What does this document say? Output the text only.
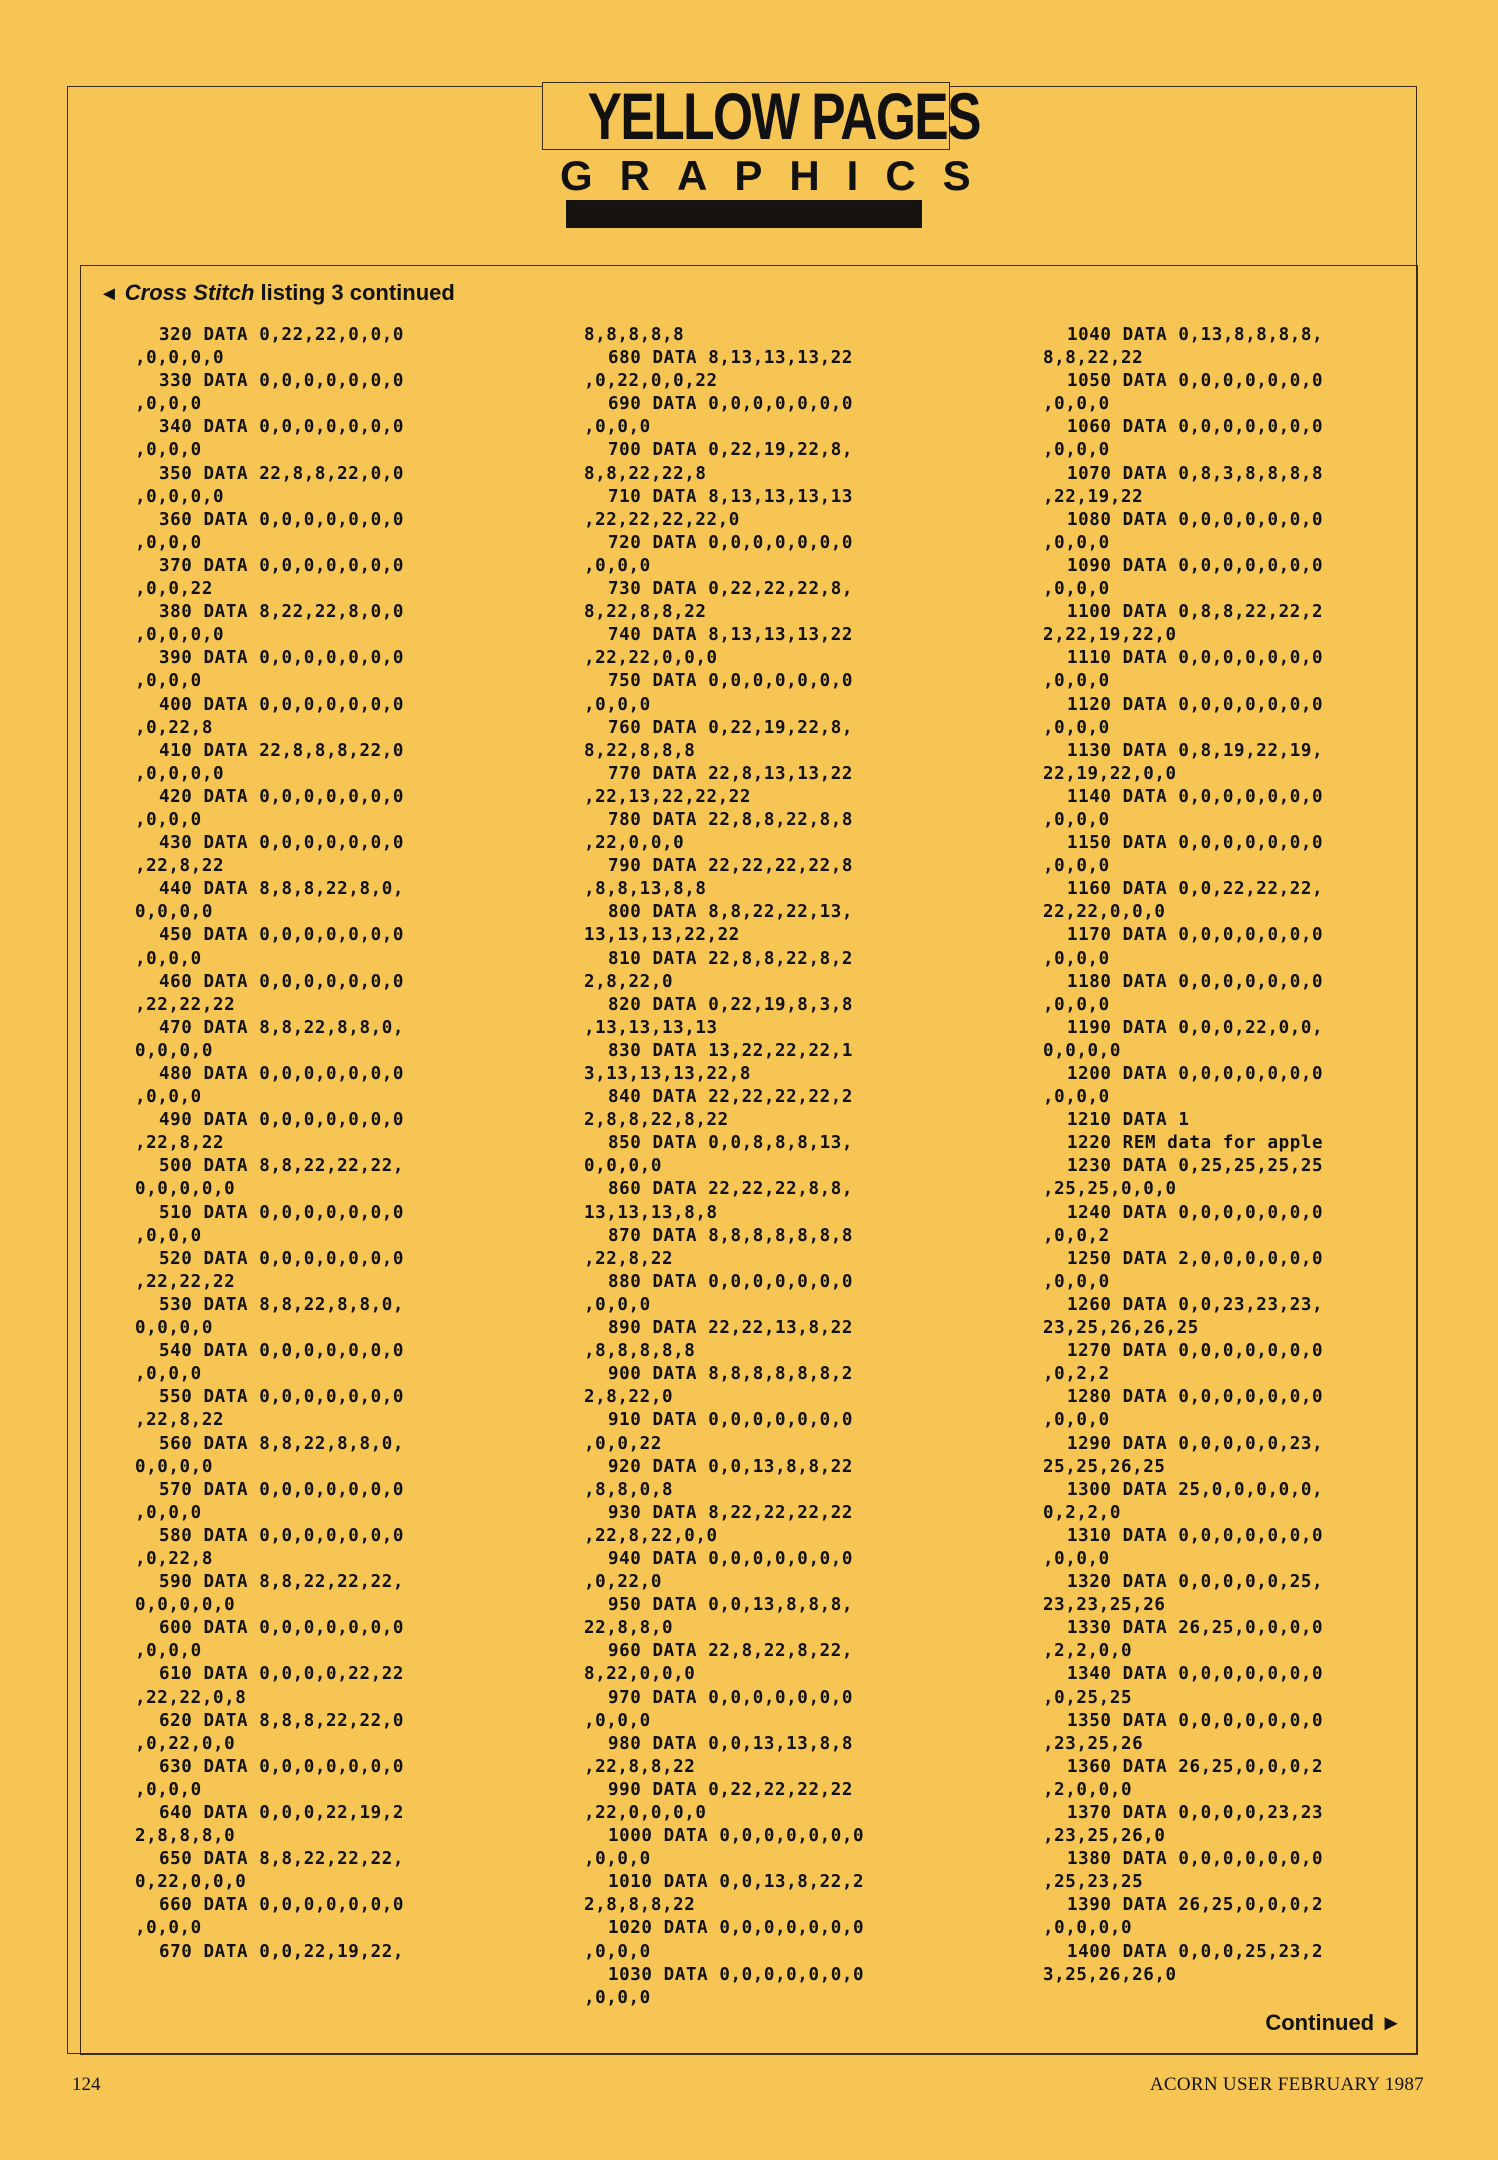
YELLOW PAGES
GRAPHICS
◄ Cross Stitch listing 3 continued
320 DATA 0,22,22,0,0,0
,0,0,0,0
330 DATA 0,0,0,0,0,0,0
,0,0,0
340 DATA 0,0,0,0,0,0,0
,0,0,0
350 DATA 22,8,8,22,0,0
,0,0,0,0
360 DATA 0,0,0,0,0,0,0
,0,0,0
370 DATA 0,0,0,0,0,0,0
,0,0,22
380 DATA 8,22,22,8,0,0
,0,0,0,0
390 DATA 0,0,0,0,0,0,0
,0,0,0
400 DATA 0,0,0,0,0,0,0
,0,22,8
410 DATA 22,8,8,8,22,0
,0,0,0,0
420 DATA 0,0,0,0,0,0,0
,0,0,0
430 DATA 0,0,0,0,0,0,0
,22,8,22
440 DATA 8,8,8,22,8,0,
0,0,0,0
450 DATA 0,0,0,0,0,0,0
,0,0,0
460 DATA 0,0,0,0,0,0,0
,22,22,22
470 DATA 8,8,22,8,8,0,
0,0,0,0
480 DATA 0,0,0,0,0,0,0
,0,0,0
490 DATA 0,0,0,0,0,0,0
,22,8,22
500 DATA 8,8,22,22,22,
0,0,0,0,0
510 DATA 0,0,0,0,0,0,0
,0,0,0
520 DATA 0,0,0,0,0,0,0
,22,22,22
530 DATA 8,8,22,8,8,0,
0,0,0,0
540 DATA 0,0,0,0,0,0,0
,0,0,0
550 DATA 0,0,0,0,0,0,0
,22,8,22
560 DATA 8,8,22,8,8,0,
0,0,0,0
570 DATA 0,0,0,0,0,0,0
,0,0,0
580 DATA 0,0,0,0,0,0,0
,0,22,8
590 DATA 8,8,22,22,22,
0,0,0,0,0
600 DATA 0,0,0,0,0,0,0
,0,0,0
610 DATA 0,0,0,0,22,22
,22,22,0,8
620 DATA 8,8,8,22,22,0
,0,22,0,0
630 DATA 0,0,0,0,0,0,0
,0,0,0
640 DATA 0,0,0,22,19,2
2,8,8,8,0
650 DATA 8,8,22,22,22,
0,22,0,0,0
660 DATA 0,0,0,0,0,0,0
,0,0,0
670 DATA 0,0,22,19,22,
8,8,8,8,8
680 DATA 8,13,13,13,22
,0,22,0,0,22
690 DATA 0,0,0,0,0,0,0
,0,0,0
700 DATA 0,22,19,22,8,
8,8,22,22,8
710 DATA 8,13,13,13,13
,22,22,22,22,0
720 DATA 0,0,0,0,0,0,0
,0,0,0
730 DATA 0,22,22,22,8,
8,22,8,8,22
740 DATA 8,13,13,13,22
,22,22,0,0,0
750 DATA 0,0,0,0,0,0,0
,0,0,0
760 DATA 0,22,19,22,8,
8,22,8,8,8
770 DATA 22,8,13,13,22
,22,13,22,22,22
780 DATA 22,8,8,22,8,8
,22,0,0,0
790 DATA 22,22,22,22,8
,8,8,13,8,8
800 DATA 8,8,22,22,13,
13,13,13,22,22
810 DATA 22,8,8,22,8,2
2,8,22,0
820 DATA 0,22,19,8,3,8
,13,13,13,13
830 DATA 13,22,22,22,1
3,13,13,13,22,8
840 DATA 22,22,22,22,2
2,8,8,22,8,22
850 DATA 0,0,8,8,8,13,
0,0,0,0
860 DATA 22,22,22,8,8,
13,13,13,8,8
870 DATA 8,8,8,8,8,8,8
,22,8,22
880 DATA 0,0,0,0,0,0,0
,0,0,0
890 DATA 22,22,13,8,22
,8,8,8,8,8
900 DATA 8,8,8,8,8,8,2
2,8,22,0
910 DATA 0,0,0,0,0,0,0
,0,0,22
920 DATA 0,0,13,8,8,22
,8,8,0,8
930 DATA 8,22,22,22,22
,22,8,22,0,0
940 DATA 0,0,0,0,0,0,0
,0,22,0
950 DATA 0,0,13,8,8,8,
22,8,8,0
960 DATA 22,8,22,8,22,
8,22,0,0,0
970 DATA 0,0,0,0,0,0,0
,0,0,0
980 DATA 0,0,13,13,8,8
,22,8,8,22
990 DATA 0,22,22,22,22
,22,0,0,0,0
1000 DATA 0,0,0,0,0,0,0
,0,0,0
1010 DATA 0,0,13,8,22,2
2,8,8,8,22
1020 DATA 0,0,0,0,0,0,0
,0,0,0
1030 DATA 0,0,0,0,0,0,0
,0,0,0
1040 DATA 0,13,8,8,8,8,
8,8,22,22
1050 DATA 0,0,0,0,0,0,0
,0,0,0
1060 DATA 0,0,0,0,0,0,0
,0,0,0
1070 DATA 0,8,3,8,8,8,8
,22,19,22
1080 DATA 0,0,0,0,0,0,0
,0,0,0
1090 DATA 0,0,0,0,0,0,0
,0,0,0
1100 DATA 0,8,8,22,22,2
2,22,19,22,0
1110 DATA 0,0,0,0,0,0,0
,0,0,0
1120 DATA 0,0,0,0,0,0,0
,0,0,0
1130 DATA 0,8,19,22,19,
22,19,22,0,0
1140 DATA 0,0,0,0,0,0,0
,0,0,0
1150 DATA 0,0,0,0,0,0,0
,0,0,0
1160 DATA 0,0,22,22,22,
22,22,0,0,0
1170 DATA 0,0,0,0,0,0,0
,0,0,0
1180 DATA 0,0,0,0,0,0,0
,0,0,0
1190 DATA 0,0,0,22,0,0,
0,0,0,0
1200 DATA 0,0,0,0,0,0,0
,0,0,0
1210 DATA 1
1220 REM data for apple
1230 DATA 0,25,25,25,25
,25,25,0,0,0
1240 DATA 0,0,0,0,0,0,0
,0,0,2
1250 DATA 2,0,0,0,0,0,0
,0,0,0
1260 DATA 0,0,23,23,23,
23,25,26,26,25
1270 DATA 0,0,0,0,0,0,0
,0,2,2
1280 DATA 0,0,0,0,0,0,0
,0,0,0
1290 DATA 0,0,0,0,0,23,
25,25,26,25
1300 DATA 25,0,0,0,0,0,
0,2,2,0
1310 DATA 0,0,0,0,0,0,0
,0,0,0
1320 DATA 0,0,0,0,0,25,
23,23,25,26
1330 DATA 26,25,0,0,0,0
,2,2,0,0
1340 DATA 0,0,0,0,0,0,0
,0,25,25
1350 DATA 0,0,0,0,0,0,0
,23,25,26
1360 DATA 26,25,0,0,0,2
,2,0,0,0
1370 DATA 0,0,0,0,23,23
,23,25,26,0
1380 DATA 0,0,0,0,0,0,0
,25,23,25
1390 DATA 26,25,0,0,0,2
,0,0,0,0
1400 DATA 0,0,0,25,23,2
3,25,26,26,0
Continued ►
124	ACORN USER FEBRUARY 1987
